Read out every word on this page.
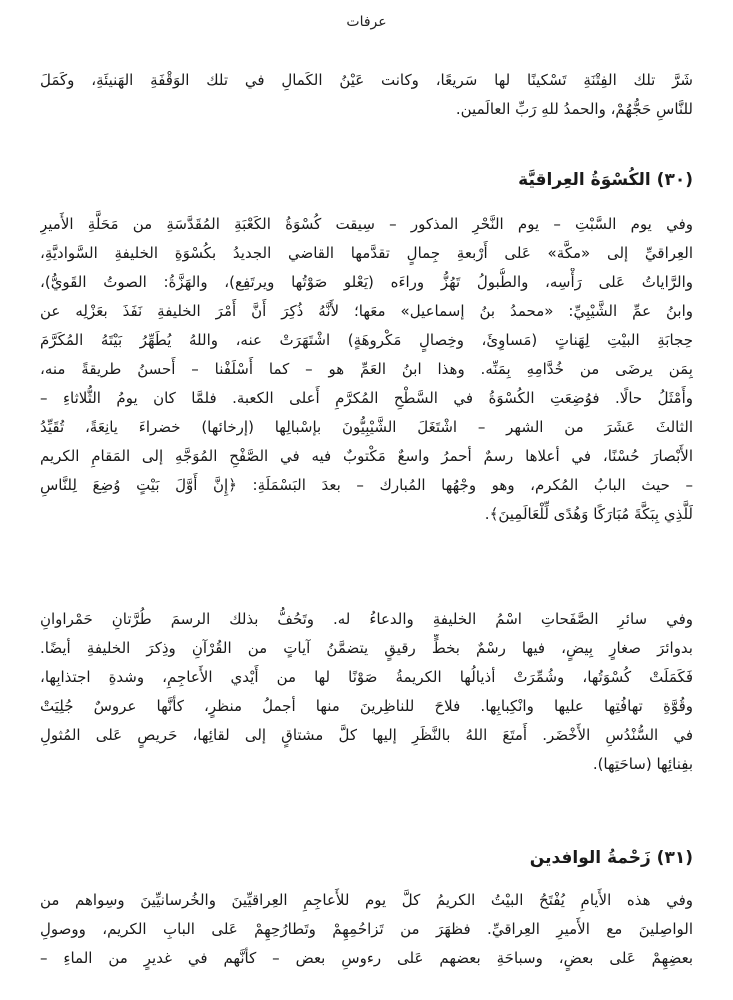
عرفات
شَرَّ تلك الفِتْنَةِ تَسْكينًا لها سَريعًا، وكانت عَيْنُ الكَمالِ في تلك الوَقْفَةِ الهَنيئَةِ، وكَمَلَ
للنَّاسِ حَجُّهُمْ، والحمدُ للهِ رَبِّ العالَمين.
(٣٠) الكُسْوَةُ العِراقيَّة
وفي يوم السَّبْتِ – يوم النَّحْرِ المذكور – سِيقت كُسْوَةُ الكَعْبَةِ المُقَدَّسَةِ من مَحَلَّةِ الأَميرِ
العِراقيِّ إلى «مكَّة» عَلى أَرْبعةِ جِمالٍ تقدَّمها القاضي الجديدُ بكُسْوَةِ الخليفةِ السَّواديَّةِ،
والرَّاياتُ عَلى رَأْسِه، والطُّبولُ تَهُزُّ وراءَه (يَعْلو صَوْتُها ويرتَفِع)، والهَزَّةُ: الصوتُ القَويُّ)،
وابنُ عمِّ الشَّيْبِيِّ: «محمدُ بنُ إسماعيل» معَها؛ لأَنَّهُ ذُكِرَ أَنَّ أَمْرَ الخليفةِ نَفَذَ بعَزْلِه عن
حِجابَةِ البيْتِ لِهَناتٍ (مَساوِئَ، وخِصالٍ مَكْروهَةٍ) اشْتَهَرَتْ عنه، واللهُ يُطَهِّرُ بَيْتَهُ المُكَرَّمَ
بِمَن يرضَى من خُدَّامِهِ بِمَنِّه. وهذا ابنُ العَمِّ هو – كما أَسْلَفْنا – أَحسنُ طريقةً منه،
وأَمْثَلُ حالًا. فوُضِعَتِ الكُسْوَةُ في السَّطْحِ المُكرَّمِ أَعلى الكعبة. فلمَّا كان يومُ الثُّلاثاءِ –
الثالثَ عَشَرَ من الشهر – اشْتَغَلَ الشَّيْبِيُّونَ بإسْبالِها (إرخائها) خضراءَ يانِعَةً، تُقَيِّدُ
الأَبْصارَ حُسْنًا، في أعلاها رسمٌ أحمرُ واسعٌ مَكْتوبٌ فيه في الصَّفْحِ المُوَجَّهِ إلى المَقامِ الكريم
– حيث البابُ المُكرم، وهو وجْهُها المُبارك – بعدَ البَسْمَلَةِ: ﴿إِنَّ أَوَّلَ بَيْتٍ وُضِعَ لِلنَّاسِ
لَلَّذِي بِبَكَّةَ مُبَارَكًا وَهُدًى لِّلْعَالَمِينَ﴾.
وفي سائرِ الصَّفَحاتِ اسْمُ الخليفةِ والدعاءُ له. وتَحُفُّ بذلك الرسمَ طُرَّتانِ حَمْراوانِ
بدوائرَ صغارٍ بِيضٍ، فيها رسْمٌ بخطٍّ رقيقٍ يتضمَّنُ آياتٍ من القُرْآنِ وذِكرَ الخليفةِ أيضًا.
فَكَمَلَتْ كُسْوَتُها، وشُمِّرَتْ أذيالُها الكريمةُ صَوْنًا لها من أَيْدي الأَعاجِمِ، وشدةِ اجتذابِها،
وقُوَّةِ تهافُتِها عليها وانْكِبابِها. فلاحَ للناظِرينَ منها أجملُ منظرٍ، كأنَّها عروسٌ جُلِيَتْ
في السُّنْدُسِ الأَخْضَر. أَمتَعَ اللهُ بالنَّظَرِ إليها كلَّ مشتاقٍ إلى لقائِها، حَريصٍ عَلى المُثولِ
بفِنائِها (ساحَتِها).
(٣١) زَحْمةُ الوافدين
وفي هذه الأَيامِ يُفْتَحُ البيْتُ الكريمُ كلَّ يوم للأَعاجِمِ العِراقيِّينَ والخُرسانيِّينَ وسِواهم من
الواصِلينَ مع الأَميرِ العِراقيِّ. فظهَرَ من تَزاحُمِهِمْ وتَطارُحِهِمْ عَلى البابِ الكريم، ووصولِ
بعضِهِمْ عَلى بعضٍ، وسباحَةِ بعضهم عَلى رءوسِ بعض – كأنَّهم في غديرٍ من الماءِ –
